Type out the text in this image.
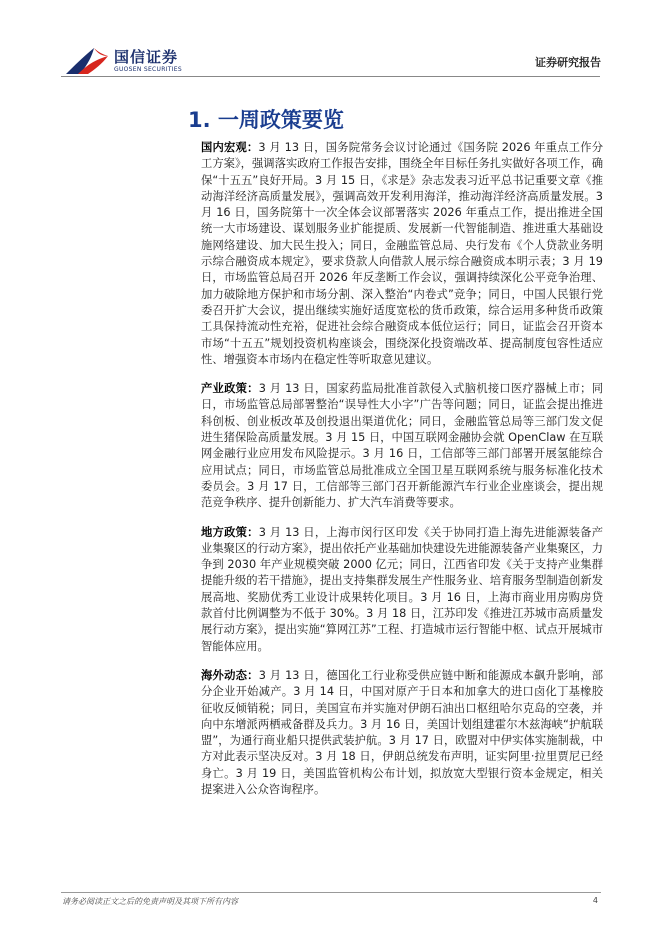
国信证券
GUOSEN SECURITIES
证券研究报告
1. 一周政策要览

国内宏观：3 月 13 日，国务院常务会议讨论通过《国务院 2026 年重点工作分工方案》，强调落实政府工作报告安排，围绕全年目标任务扎实做好各项工作，确保“十五五”良好开局。3 月 15 日，《求是》杂志发表习近平总书记重要文章《推动海洋经济高质量发展》，强调高效开发利用海洋，推动海洋经济高质量发展。3 月 16 日，国务院第十一次全体会议部署落实 2026 年重点工作，提出推进全国统一大市场建设、谋划服务业扩能提质、发展新一代智能制造、推进重大基础设施网络建设、加大民生投入；同日，金融监管总局、央行发布《个人贷款业务明示综合融资成本规定》，要求贷款人向借款人展示综合融资成本明示表；3 月 19 日，市场监管总局召开 2026 年反垄断工作会议，强调持续深化公平竞争治理、加力破除地方保护和市场分割、深入整治“内卷式”竞争；同日，中国人民银行党委召开扩大会议，提出继续实施好适度宽松的货币政策，综合运用多种货币政策工具保持流动性充裕，促进社会综合融资成本低位运行；同日，证监会召开资本市场“十五五”规划投资机构座谈会，围绕深化投资端改革、提高制度包容性适应性、增强资本市场内在稳定性等听取意见建议。

产业政策：3 月 13 日，国家药监局批准首款侵入式脑机接口医疗器械上市；同日，市场监管总局部署整治“误导性大小字”广告等问题；同日，证监会提出推进科创板、创业板改革及创投退出渠道优化；同日，金融监管总局等三部门发文促进生猪保险高质量发展。3 月 15 日，中国互联网金融协会就 OpenClaw 在互联网金融行业应用发布风险提示。3 月 16 日，工信部等三部门部署开展氢能综合应用试点；同日，市场监管总局批准成立全国卫星互联网系统与服务标准化技术委员会。3 月 17 日，工信部等三部门召开新能源汽车行业企业座谈会，提出规范竞争秩序、提升创新能力、扩大汽车消费等要求。

地方政策：3 月 13 日，上海市闵行区印发《关于协同打造上海先进能源装备产业集聚区的行动方案》，提出依托产业基础加快建设先进能源装备产业集聚区，力争到 2030 年产业规模突破 2000 亿元；同日，江西省印发《关于支持产业集群提能升级的若干措施》，提出支持集群发展生产性服务业、培育服务型制造创新发展高地、奖励优秀工业设计成果转化项目。3 月 16 日，上海市商业用房购房贷款首付比例调整为不低于 30%。3 月 18 日，江苏印发《推进江苏城市高质量发展行动方案》，提出实施“算网江苏”工程、打造城市运行智能中枢、试点开展城市智能体应用。

海外动态：3 月 13 日，德国化工行业称受供应链中断和能源成本飙升影响，部分企业开始减产。3 月 14 日，中国对原产于日本和加拿大的进口卤化丁基橡胶征收反倾销税；同日，美国宣布并实施对伊朗石油出口枢纽哈尔克岛的空袭，并向中东增派两栖戒备群及兵力。3 月 16 日，美国计划组建霍尔木兹海峡“护航联盟”，为通行商业船只提供武装护航。3 月 17 日，欧盟对中伊实体实施制裁，中方对此表示坚决反对。3 月 18 日，伊朗总统发布声明，证实阿里·拉里贾尼已经身亡。3 月 19 日，美国监管机构公布计划，拟放宽大型银行资本金规定，相关提案进入公众咨询程序。

请务必阅读正文之后的免责声明及其项下所有内容	4
